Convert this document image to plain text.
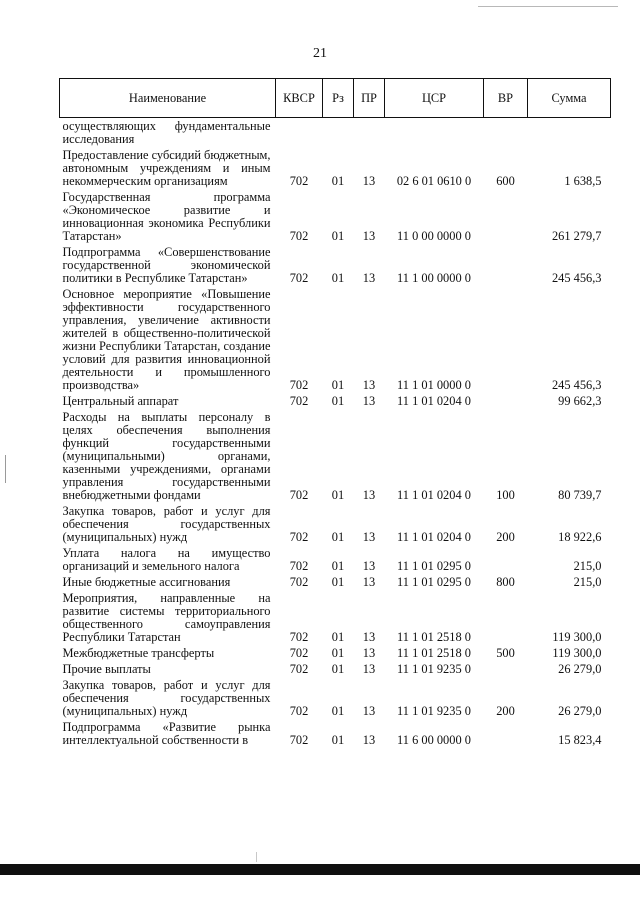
21
Наименование	КВСР	Рз	ПР	ЦСР	ВР	Сумма
осуществляющих фундаментальные исследования						
Предоставление субсидий бюджетным, автономным учреждениям и иным некоммерческим организациям	702	01	13	02 6 01 0610 0	600	1 638,5
Государственная программа «Экономическое развитие и инновационная экономика Республики Татарстан»	702	01	13	11 0 00 0000 0		261 279,7
Подпрограмма «Совершенствование государственной экономической политики в Республике Татарстан»	702	01	13	11 1 00 0000 0		245 456,3
Основное мероприятие «Повышение эффективности государственного управления, увеличение активности жителей в общественно-политической жизни Республики Татарстан, создание условий для развития инновационной деятельности и промышленного производства»	702	01	13	11 1 01 0000 0		245 456,3
Центральный аппарат	702	01	13	11 1 01 0204 0		99 662,3
Расходы на выплаты персоналу в целях обеспечения выполнения функций государственными (муниципальными) органами, казенными учреждениями, органами управления государственными внебюджетными фондами	702	01	13	11 1 01 0204 0	100	80 739,7
Закупка товаров, работ и услуг для обеспечения государственных (муниципальных) нужд	702	01	13	11 1 01 0204 0	200	18 922,6
Уплата налога на имущество организаций и земельного налога	702	01	13	11 1 01 0295 0		215,0
Иные бюджетные ассигнования	702	01	13	11 1 01 0295 0	800	215,0
Мероприятия, направленные на развитие системы территориального общественного самоуправления Республики Татарстан	702	01	13	11 1 01 2518 0		119 300,0
Межбюджетные трансферты	702	01	13	11 1 01 2518 0	500	119 300,0
Прочие выплаты	702	01	13	11 1 01 9235 0		26 279,0
Закупка товаров, работ и услуг для обеспечения государственных (муниципальных) нужд	702	01	13	11 1 01 9235 0	200	26 279,0
Подпрограмма «Развитие рынка интеллектуальной собственности в	702	01	13	11 6 00 0000 0		15 823,4
